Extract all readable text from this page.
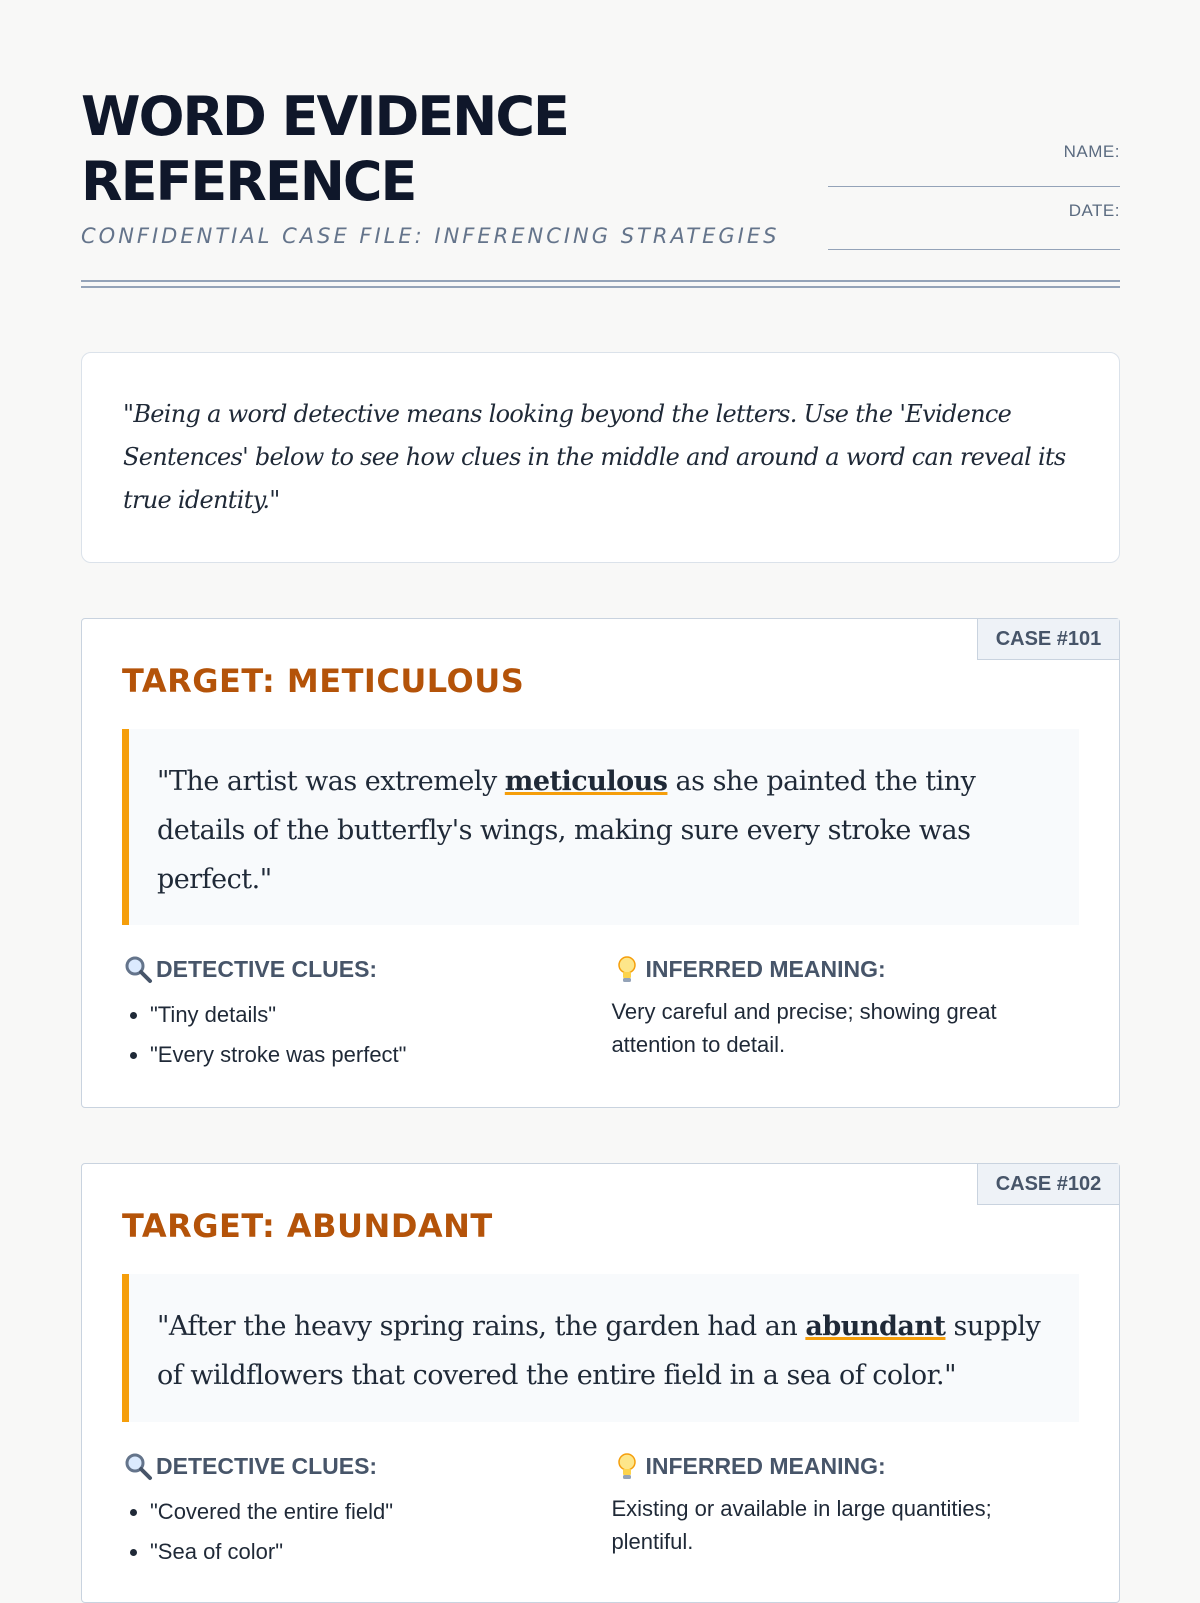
WORD EVIDENCE REFERENCE
CONFIDENTIAL CASE FILE: INFERENCING STRATEGIES
NAME:
DATE:

"Being a word detective means looking beyond the letters. Use the 'Evidence Sentences' below to see how clues in the middle and around a word can reveal its true identity."

CASE #101
TARGET: METICULOUS

"The artist was extremely meticulous as she painted the tiny details of the butterfly's wings, making sure every stroke was perfect."

DETECTIVE CLUES:
• "Tiny details"
• "Every stroke was perfect"
INFERRED MEANING:
Very careful and precise; showing great attention to detail.
CASE #102
TARGET: ABUNDANT

"After the heavy spring rains, the garden had an abundant supply of wildflowers that covered the entire field in a sea of color."

DETECTIVE CLUES:
• "Covered the entire field"
• "Sea of color"
INFERRED MEANING:
Existing or available in large quantities; plentiful.
